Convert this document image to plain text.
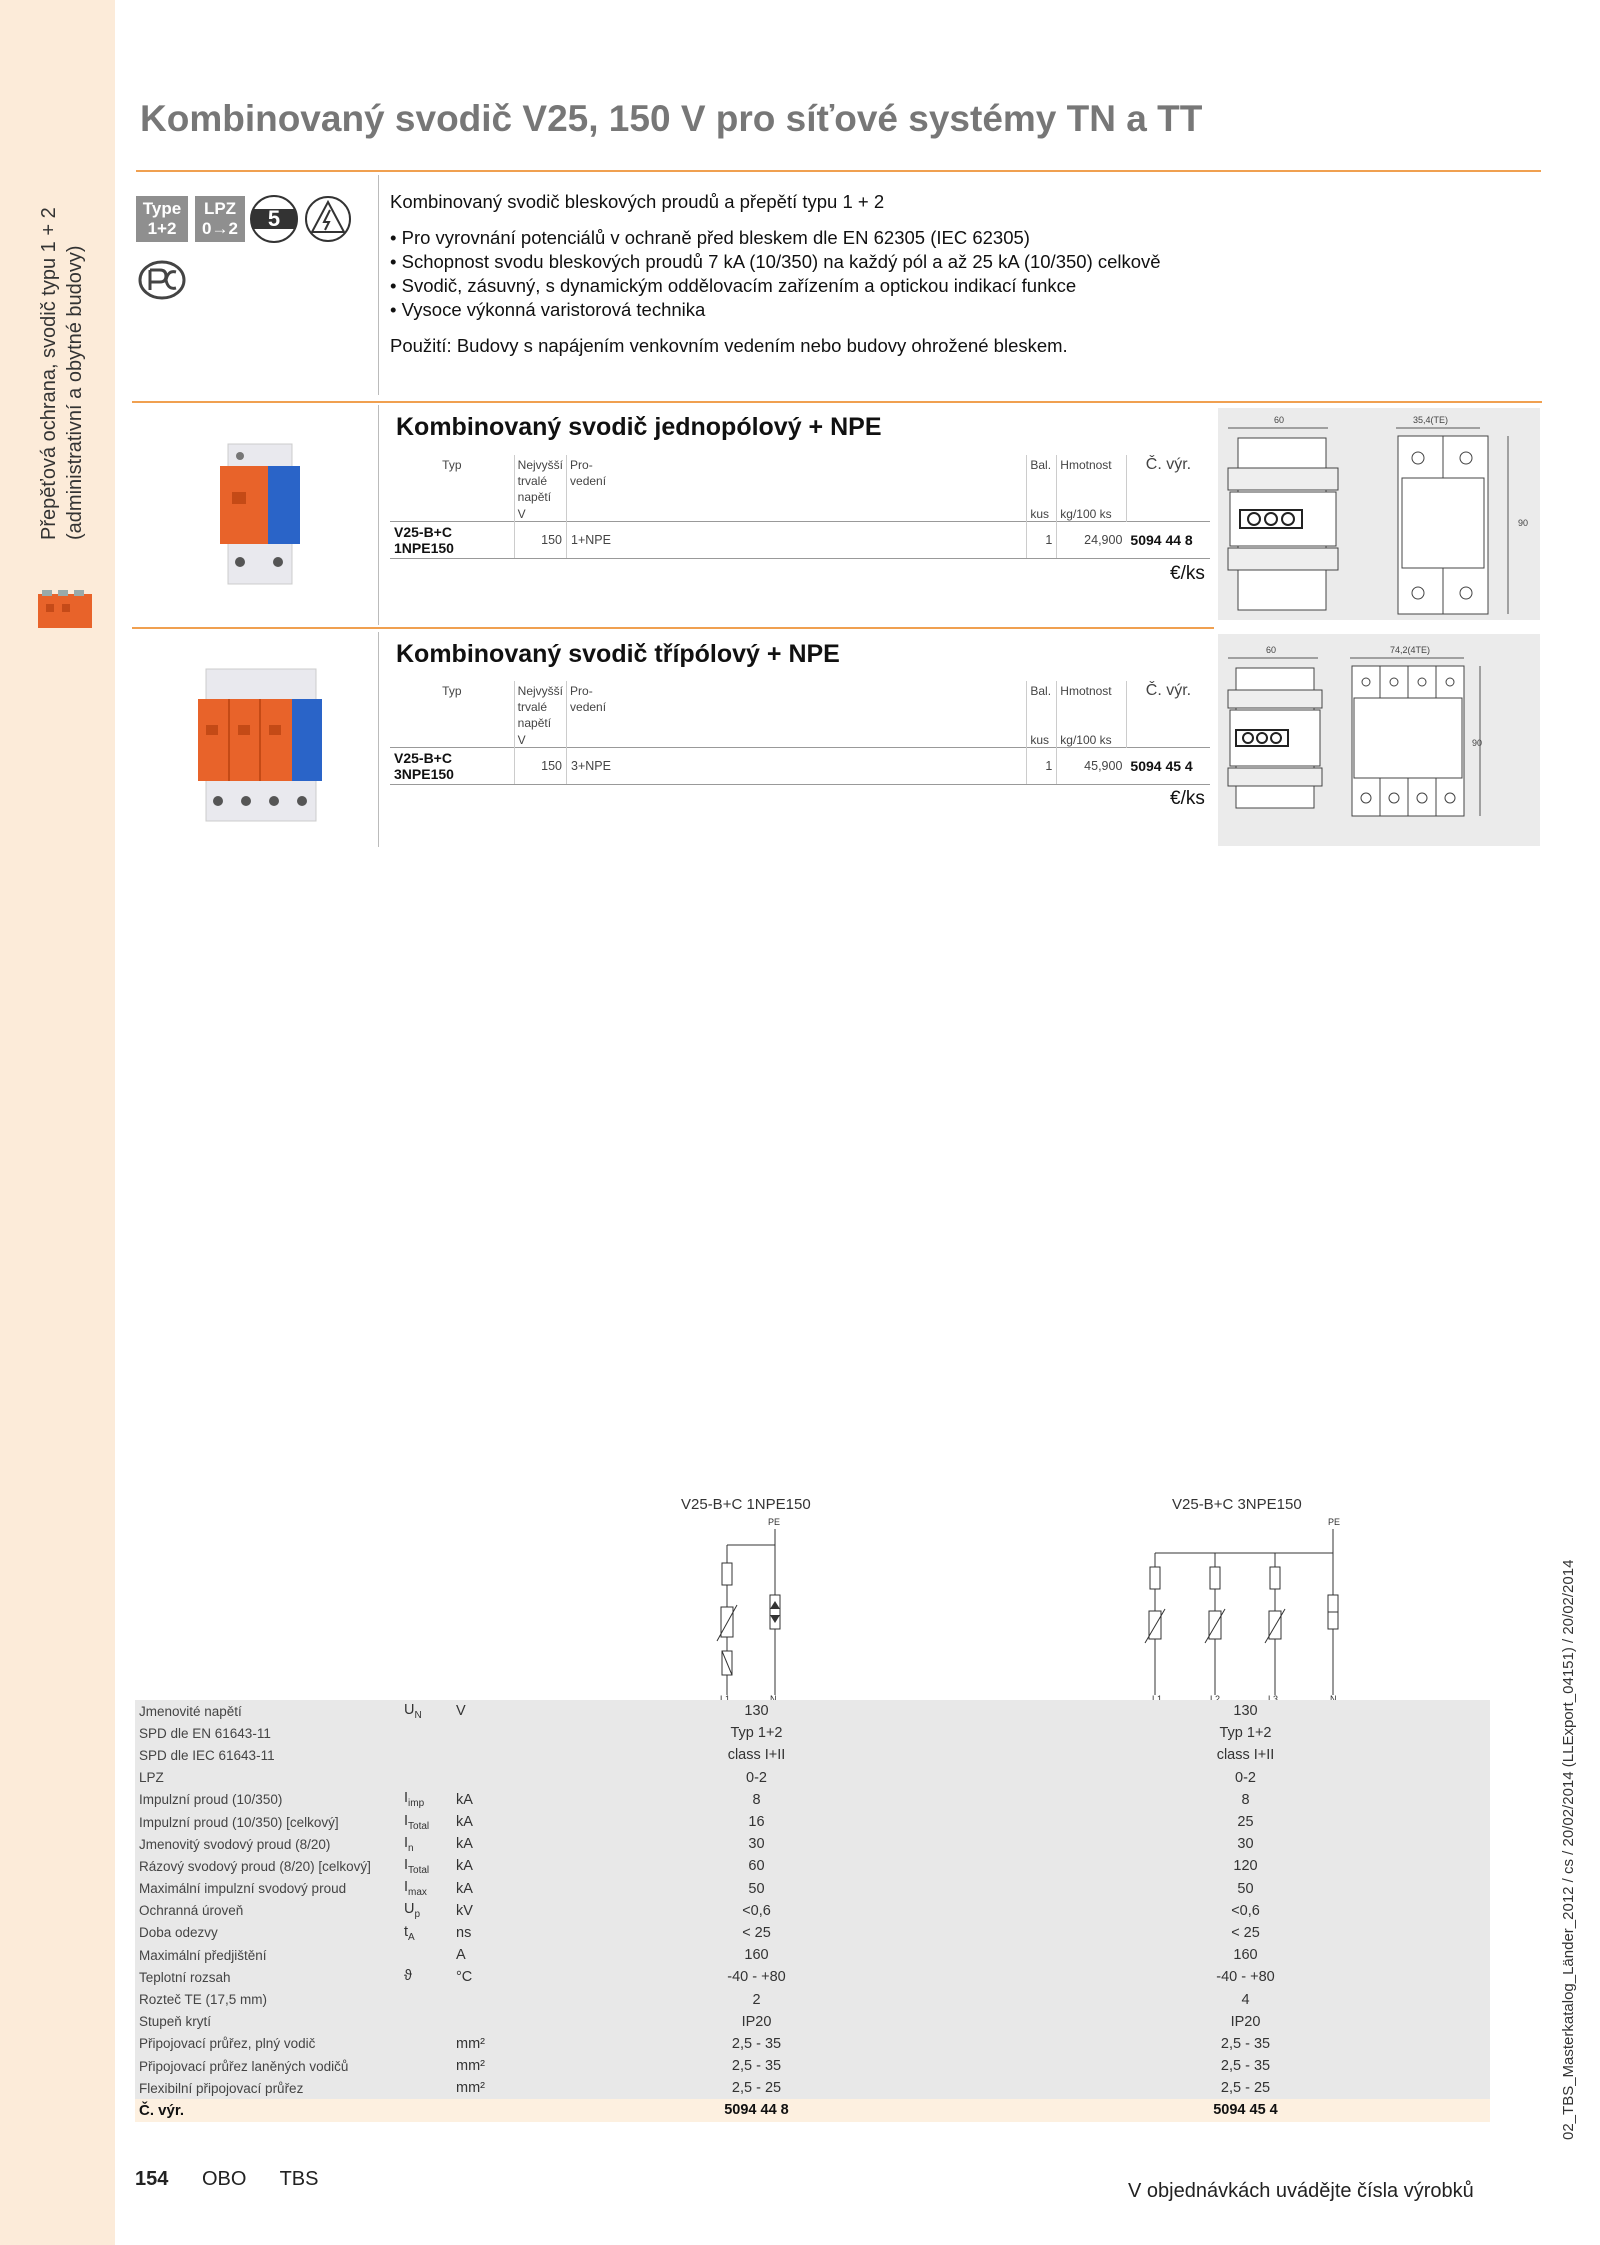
Přepěťová ochrana, svodič typu 1 + 2 (administrativní a obytné budovy)
02_TBS_Masterkatalog_Länder_2012 / cs / 20/02/2014 (LLExport_04151) / 20/02/2014
Kombinovaný svodič V25, 150 V pro síťové systémy TN a TT
Type
1+2
LPZ
0→2	5
Kombinovaný svodič bleskových proudů a přepětí typu 1 + 2
• Pro vyrovnání potenciálů v ochraně před bleskem dle EN 62305 (IEC 62305)
• Schopnost svodu bleskových proudů 7 kA (10/350) na každý pól a až 25 kA (10/350) celkově
• Svodič, zásuvný, s dynamickým oddělovacím zařízením a optickou indikací funkce
• Vysoce výkonná varistorová technika
Použití: Budovy s napájením venkovním vedením nebo budovy ohrožené bleskem.
Kombinovaný svodič jednopólový + NPE
Typ	Nejvyšší trvalé napětí	Pro-vedení		Bal.	Hmotnost	Č. výr.
	V			kus	kg/100 ks	
V25-B+C 1NPE150	150	1+NPE		1	24,900	5094 44 8
€/ks
60	35,4(TE)
90
Kombinovaný svodič třípólový + NPE
Typ	Nejvyšší trvalé napětí	Pro-vedení		Bal.	Hmotnost	Č. výr.
	V			kus	kg/100 ks	
V25-B+C 3NPE150	150	3+NPE		1	45,900	5094 45 4
€/ks
60	74,2(4TE)
90
V25-B+C 1NPE150	V25-B+C 3NPE150
PE
L1	N
PE
L1	L2	L3	N
Jmenovité napětí	$U_N$	V	130	130
SPD dle EN 61643-11			Typ 1+2	Typ 1+2
SPD dle IEC 61643-11			class I+II	class I+II
LPZ			0-2	0-2
Impulzní proud (10/350)	$I_{imp}$	kA	8	8
Impulzní proud (10/350) [celkový]	$I_{Total}$	kA	16	25
Jmenovitý svodový proud (8/20)	$I_n$	kA	30	30
Rázový svodový proud (8/20) [celkový]	$I_{Total}$	kA	60	120
Maximální impulzní svodový proud	$I_{max}$	kA	50	50
Ochranná úroveň	$U_p$	kV	<0,6	<0,6
Doba odezvy	$t_A$	ns	< 25	< 25
Maximální předjištění		A	160	160
Teplotní rozsah	ϑ	°C	-40 - +80	-40 - +80
Rozteč TE (17,5 mm)			2	4
Stupeň krytí			IP20	IP20
Připojovací průřez, plný vodič		mm²	2,5 - 35	2,5 - 35
Připojovací průřez laněných vodičů		mm²	2,5 - 35	2,5 - 35
Flexibilní připojovací průřez		mm²	2,5 - 25	2,5 - 25
Č. výr.			5094 44 8	5094 45 4
154 OBO TBS
V objednávkách uvádějte čísla výrobků
